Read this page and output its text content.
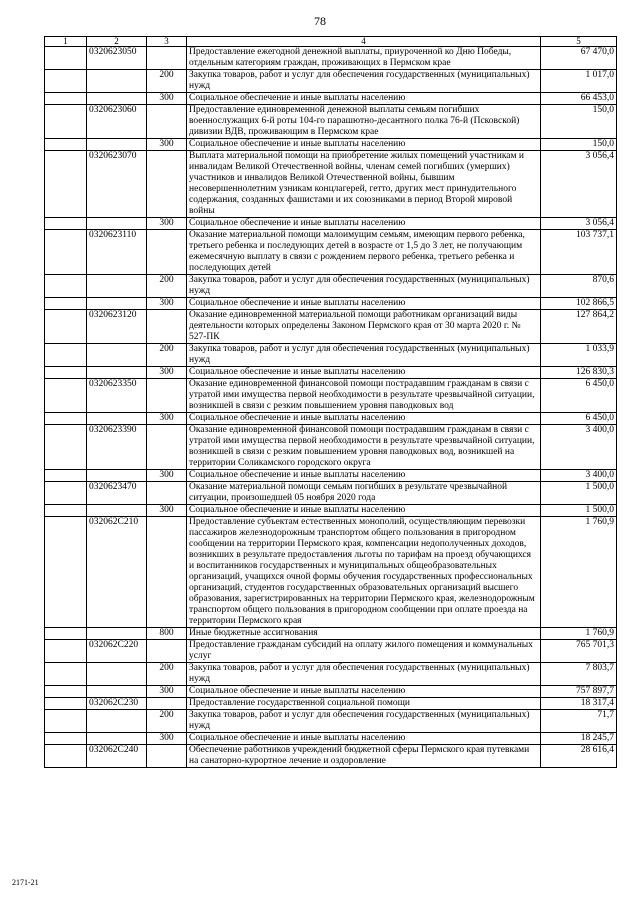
78
1	2	3	4	5
	0320623050		Предоставление ежегодной денежной выплаты, приуроченной ко Дню Победы, отдельным категориям граждан, проживающих в Пермском крае	67 470,0
		200	Закупка товаров, работ и услуг для обеспечения государственных (муниципальных) нужд	1 017,0
		300	Социальное обеспечение и иные выплаты населению	66 453,0
	0320623060		Предоставление единовременной денежной выплаты семьям погибших военнослужащих 6-й роты 104-го парашютно-десантного полка 76-й (Псковской) дивизии ВДВ, проживающим в Пермском крае	150,0
		300	Социальное обеспечение и иные выплаты населению	150,0
	0320623070		Выплата материальной помощи на приобретение жилых помещений участникам и инвалидам Великой Отечественной войны, членам семей погибших (умерших) участников и инвалидов Великой Отечественной войны, бывшим несовершеннолетним узникам концлагерей, гетто, других мест принудительного содержания, созданных фашистами и их союзниками в период Второй мировой войны	3 056,4
		300	Социальное обеспечение и иные выплаты населению	3 056,4
	0320623110		Оказание материальной помощи малоимущим семьям, имеющим первого ребенка, третьего ребенка и последующих детей в возрасте от 1,5 до 3 лет, не получающим ежемесячную выплату в связи с рождением первого ребенка, третьего ребенка и последующих детей	103 737,1
		200	Закупка товаров, работ и услуг для обеспечения государственных (муниципальных) нужд	870,6
		300	Социальное обеспечение и иные выплаты населению	102 866,5
	0320623120		Оказание единовременной материальной помощи работникам организаций виды деятельности которых определены Законом Пермского края от 30 марта 2020 г. № 527-ПК	127 864,2
		200	Закупка товаров, работ и услуг для обеспечения государственных (муниципальных) нужд	1 033,9
		300	Социальное обеспечение и иные выплаты населению	126 830,3
	0320623350		Оказание единовременной финансовой помощи пострадавшим гражданам в связи с утратой ими имущества первой необходимости в результате чрезвычайной ситуации, возникшей в связи с резким повышением уровня паводковых вод	6 450,0
		300	Социальное обеспечение и иные выплаты населению	6 450,0
	0320623390		Оказание единовременной финансовой помощи пострадавшим гражданам в связи с утратой ими имущества первой необходимости в результате чрезвычайной ситуации, возникшей в связи с резким повышением уровня паводковых вод, возникшей на территории Соликамского городского округа	3 400,0
		300	Социальное обеспечение и иные выплаты населению	3 400,0
	0320623470		Оказание материальной помощи семьям погибших в результате чрезвычайной ситуации, произошедшей 05 ноября 2020 года	1 500,0
		300	Социальное обеспечение и иные выплаты населению	1 500,0
	032062С210		Предоставление субъектам естественных монополий, осуществляющим перевозки пассажиров железнодорожным транспортом общего пользования в пригородном сообщении на территории Пермского края, компенсации недополученных доходов, возникших в результате предоставления льготы по тарифам на проезд обучающихся и воспитанников государственных и муниципальных общеобразовательных организаций, учащихся очной формы обучения государственных профессиональных организаций, студентов государственных образовательных организаций высшего образования, зарегистрированных на территории Пермского края, железнодорожным транспортом общего пользования в пригородном сообщении при оплате проезда на территории Пермского края	1 760,9
		800	Иные бюджетные ассигнования	1 760,9
	032062С220		Предоставление гражданам субсидий на оплату жилого помещения и коммунальных услуг	765 701,3
		200	Закупка товаров, работ и услуг для обеспечения государственных (муниципальных) нужд	7 803,7
		300	Социальное обеспечение и иные выплаты населению	757 897,7
	032062С230		Предоставление государственной социальной помощи	18 317,4
		200	Закупка товаров, работ и услуг для обеспечения государственных (муниципальных) нужд	71,7
		300	Социальное обеспечение и иные выплаты населению	18 245,7
	032062С240		Обеспечение работников учреждений бюджетной сферы Пермского края путевками на санаторно-курортное лечение и оздоровление	28 616,4
2171-21
